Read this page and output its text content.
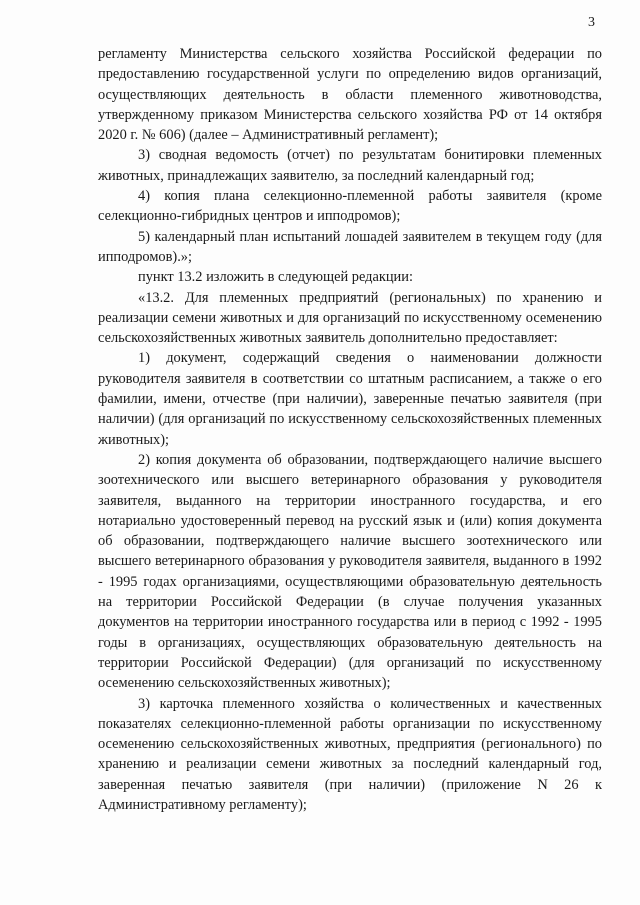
3

регламенту Министерства сельского хозяйства Российской федерации по предоставлению государственной услуги по определению видов организаций, осуществляющих деятельность в области племенного животноводства, утвержденному приказом Министерства сельского хозяйства РФ от 14 октября 2020 г. № 606) (далее – Административный регламент);

3) сводная ведомость (отчет) по результатам бонитировки племенных животных, принадлежащих заявителю, за последний календарный год;

4) копия плана селекционно-племенной работы заявителя (кроме селекционно-гибридных центров и ипподромов);

5) календарный план испытаний лошадей заявителем в текущем году (для ипподромов).»;

пункт 13.2 изложить в следующей редакции:

«13.2. Для племенных предприятий (региональных) по хранению и реализации семени животных и для организаций по искусственному осеменению сельскохозяйственных животных заявитель дополнительно предоставляет:

1) документ, содержащий сведения о наименовании должности руководителя заявителя в соответствии со штатным расписанием, а также о его фамилии, имени, отчестве (при наличии), заверенные печатью заявителя (при наличии) (для организаций по искусственному сельскохозяйственных племенных животных);

2) копия документа об образовании, подтверждающего наличие высшего зоотехнического или высшего ветеринарного образования у руководителя заявителя, выданного на территории иностранного государства, и его нотариально удостоверенный перевод на русский язык и (или) копия документа об образовании, подтверждающего наличие высшего зоотехнического или высшего ветеринарного образования у руководителя заявителя, выданного в 1992 - 1995 годах организациями, осуществляющими образовательную деятельность на территории Российской Федерации (в случае получения указанных документов на территории иностранного государства или в период с 1992 - 1995 годы в организациях, осуществляющих образовательную деятельность на территории Российской Федерации) (для организаций по искусственному осеменению сельскохозяйственных животных);

3) карточка племенного хозяйства о количественных и качественных показателях селекционно-племенной работы организации по искусственному осеменению сельскохозяйственных животных, предприятия (регионального) по хранению и реализации семени животных за последний календарный год, заверенная печатью заявителя (при наличии) (приложение N 26 к Административному регламенту);
